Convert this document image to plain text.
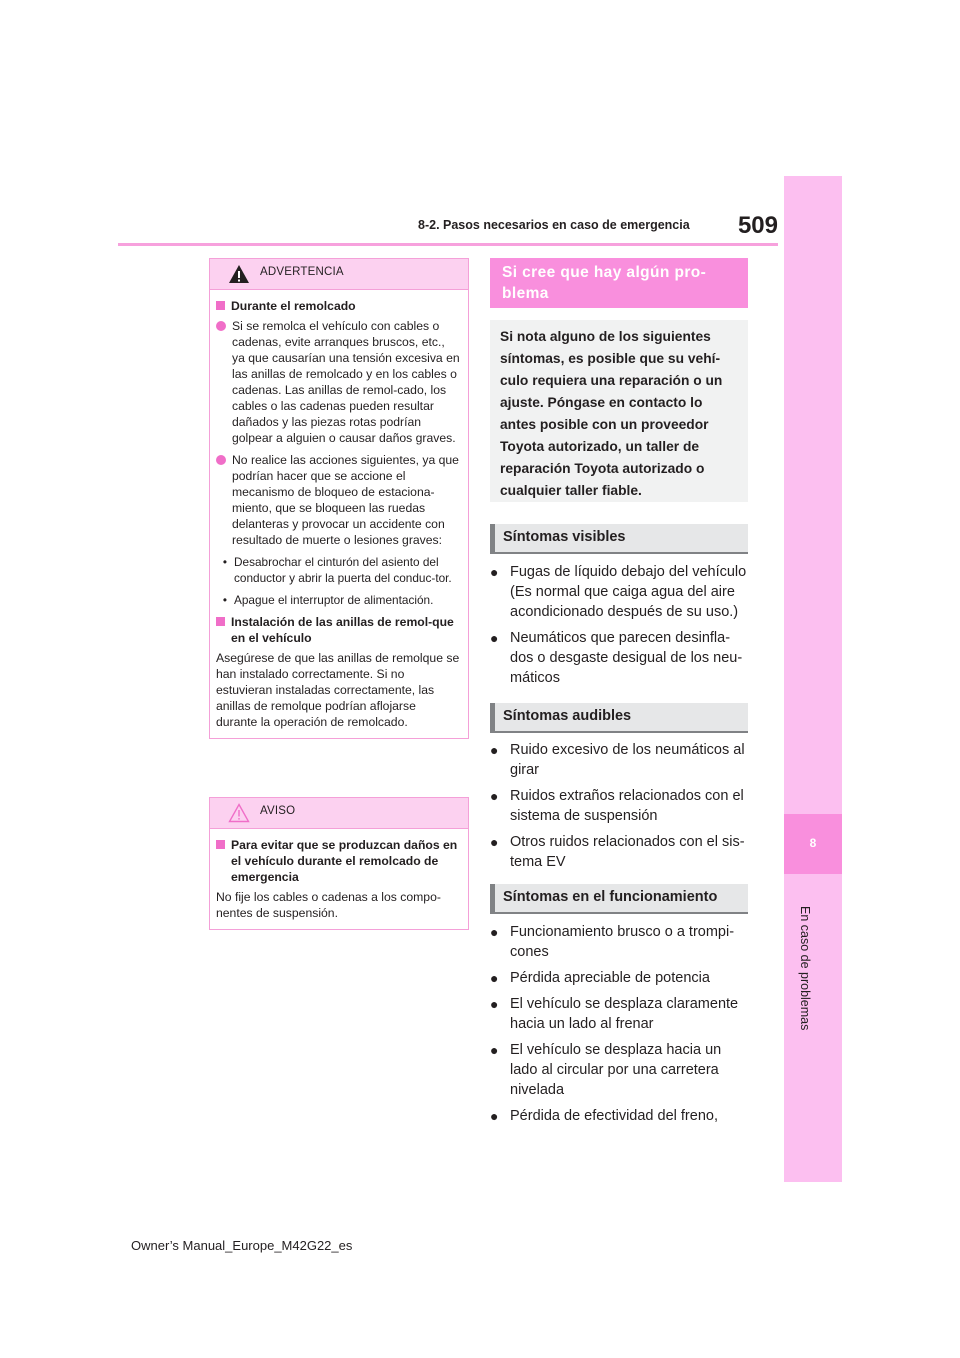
8-2. Pasos necesarios en caso de emergencia	509
8
En caso de problemas
ADVERTENCIA
Durante el remolcado
Si se remolca el vehículo con cables o cadenas, evite arranques bruscos, etc., ya que causarían una tensión excesiva en las anillas de remolcado y en los cables o cadenas. Las anillas de remol-cado, los cables o las cadenas pueden resultar dañados y las piezas rotas podrían golpear a alguien o causar daños graves.
No realice las acciones siguientes, ya que podrían hacer que se accione el mecanismo de bloqueo de estaciona-miento, que se bloqueen las ruedas delanteras y provocar un accidente con resultado de muerte o lesiones graves:
• Desabrochar el cinturón del asiento del conductor y abrir la puerta del conduc-tor.
• Apague el interruptor de alimentación.
Instalación de las anillas de remol-que en el vehículo
Asegúrese de que las anillas de remolque se han instalado correctamente. Si no estuvieran instaladas correctamente, las anillas de remolque podrían aflojarse durante la operación de remolcado.
AVISO
Para evitar que se produzcan daños en el vehículo durante el remolcado de emergencia
No fije los cables o cadenas a los compo-nentes de suspensión.
Si cree que hay algún pro-blema
Si nota alguno de los siguientes síntomas, es posible que su vehí-culo requiera una reparación o un ajuste. Póngase en contacto lo antes posible con un proveedor Toyota autorizado, un taller de reparación Toyota autorizado o cualquier taller fiable.
Síntomas visibles
● Fugas de líquido debajo del vehículo (Es normal que caiga agua del aire acondicionado después de su uso.)
● Neumáticos que parecen desinfla-dos o desgaste desigual de los neu-máticos
Síntomas audibles
● Ruido excesivo de los neumáticos al girar
● Ruidos extraños relacionados con el sistema de suspensión
● Otros ruidos relacionados con el sis-tema EV
Síntomas en el funcionamiento
● Funcionamiento brusco o a trompi-cones
● Pérdida apreciable de potencia
● El vehículo se desplaza claramente hacia un lado al frenar
● El vehículo se desplaza hacia un lado al circular por una carretera nivelada
● Pérdida de efectividad del freno,
Owner’s Manual_Europe_M42G22_es
